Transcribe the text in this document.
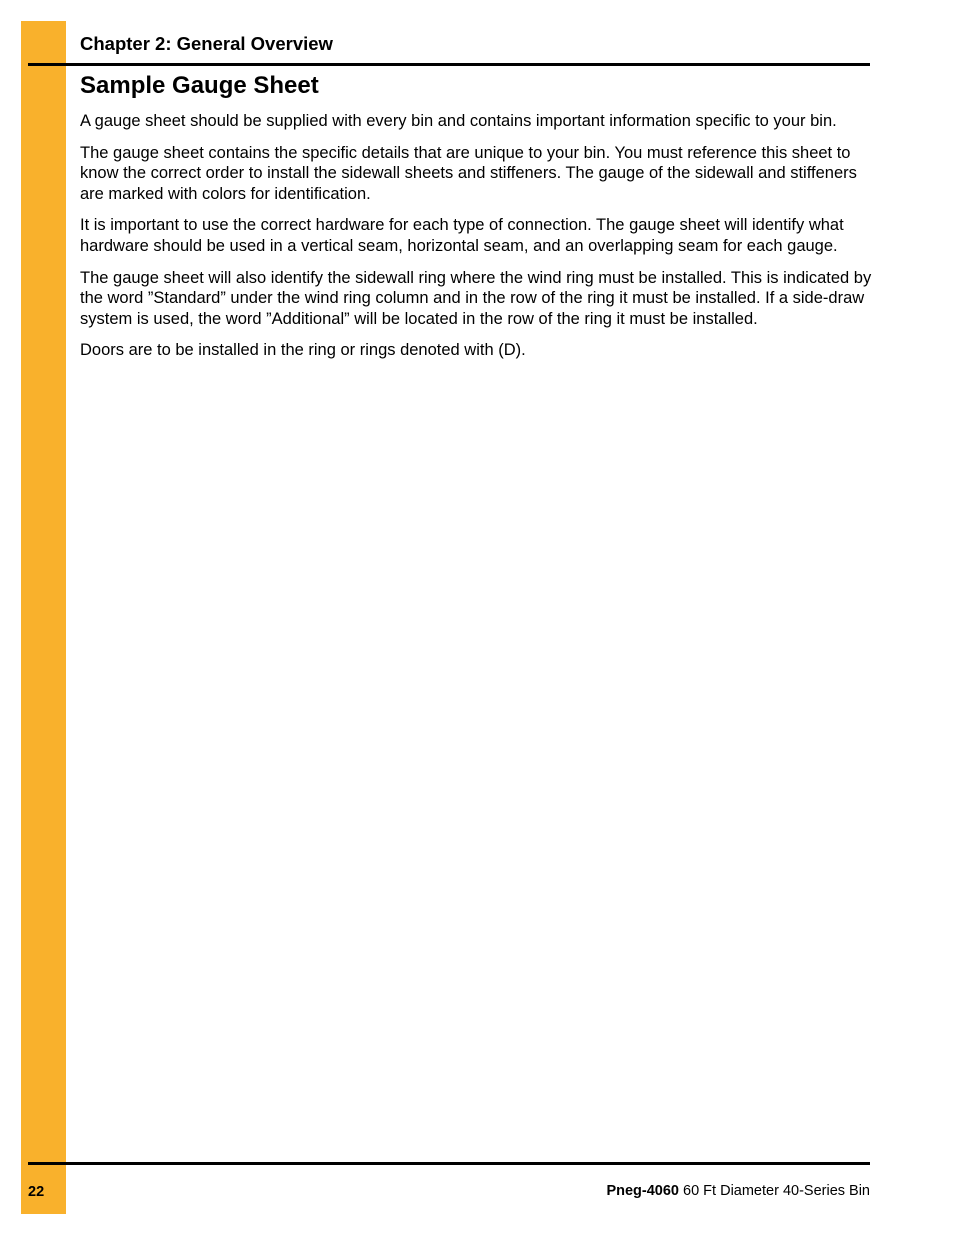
Chapter 2: General Overview
Sample Gauge Sheet

A gauge sheet should be supplied with every bin and contains important information specific to your bin.

The gauge sheet contains the specific details that are unique to your bin. You must reference this sheet to know the correct order to install the sidewall sheets and stiffeners. The gauge of the sidewall and stiffeners are marked with colors for identification.

It is important to use the correct hardware for each type of connection. The gauge sheet will identify what hardware should be used in a vertical seam, horizontal seam, and an overlapping seam for each gauge.

The gauge sheet will also identify the sidewall ring where the wind ring must be installed. This is indicated by the word ”Standard” under the wind ring column and in the row of the ring it must be installed. If a side-draw system is used, the word ”Additional” will be located in the row of the ring it must be installed.

Doors are to be installed in the ring or rings denoted with (D).

22	Pneg-4060 60 Ft Diameter 40-Series Bin
